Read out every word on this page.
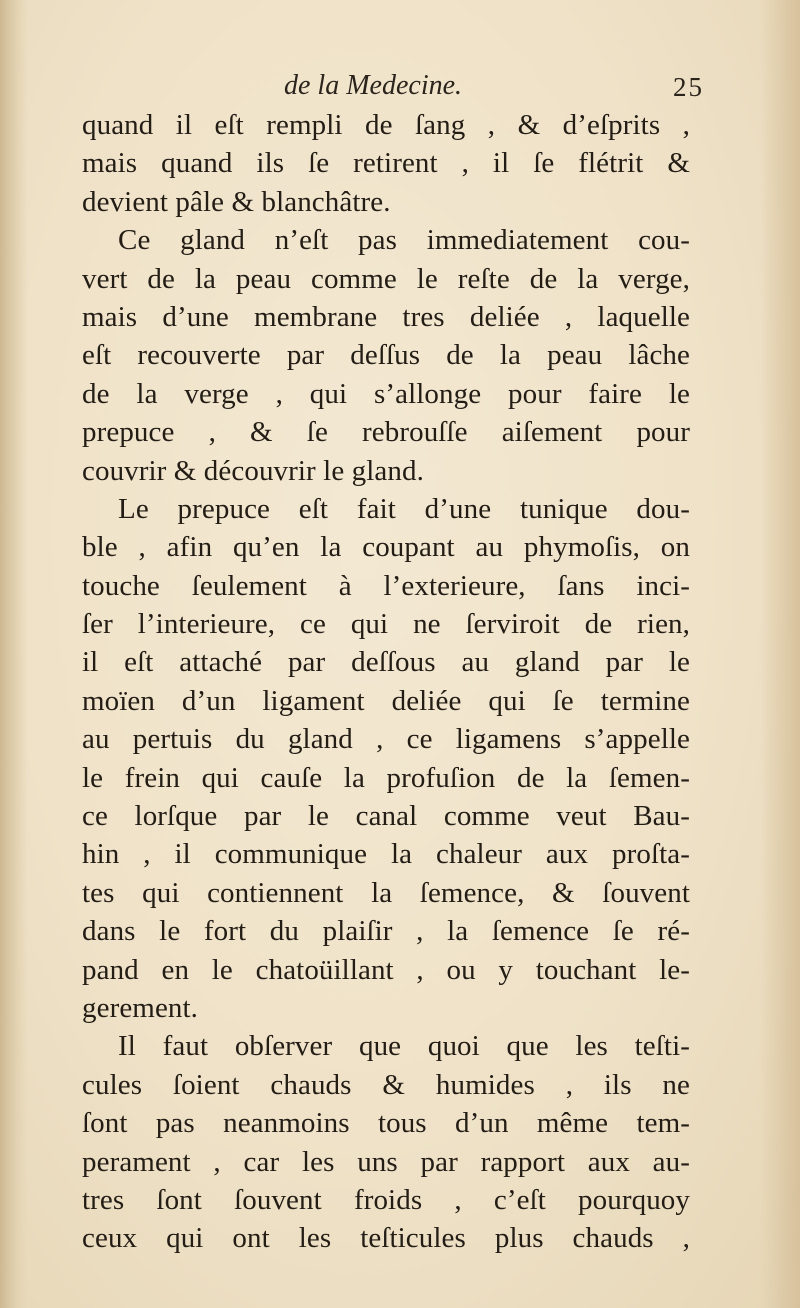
de la Medecine.	25
quand il eſt rempli de ſang , & d’eſprits ,
mais quand ils ſe retirent , il ſe flétrit &
devient pâle & blanchâtre.
Ce gland n’eſt pas immediatement cou-
vert de la peau comme le reſte de la verge,
mais d’une membrane tres deliée , laquelle
eſt recouverte par deſſus de la peau lâche
de la verge , qui s’allonge pour faire le
prepuce , & ſe rebrouſſe aiſement pour
couvrir & découvrir le gland.
Le prepuce eſt fait d’une tunique dou-
ble , afin qu’en la coupant au phymoſis, on
touche ſeulement à l’exterieure, ſans inci-
ſer l’interieure, ce qui ne ſerviroit de rien,
il eſt attaché par deſſous au gland par le
moïen d’un ligament deliée qui ſe termine
au pertuis du gland , ce ligamens s’appelle
le frein qui cauſe la profuſion de la ſemen-
ce lorſque par le canal comme veut Bau-
hin , il communique la chaleur aux proſta-
tes qui contiennent la ſemence, & ſouvent
dans le fort du plaiſir , la ſemence ſe ré-
pand en le chatoüillant , ou y touchant le-
gerement.
Il faut obſerver que quoi que les teſti-
cules ſoient chauds & humides , ils ne
ſont pas neanmoins tous d’un même tem-
perament , car les uns par rapport aux au-
tres ſont ſouvent froids , c’eſt pourquoy
ceux qui ont les teſticules plus chauds ,
